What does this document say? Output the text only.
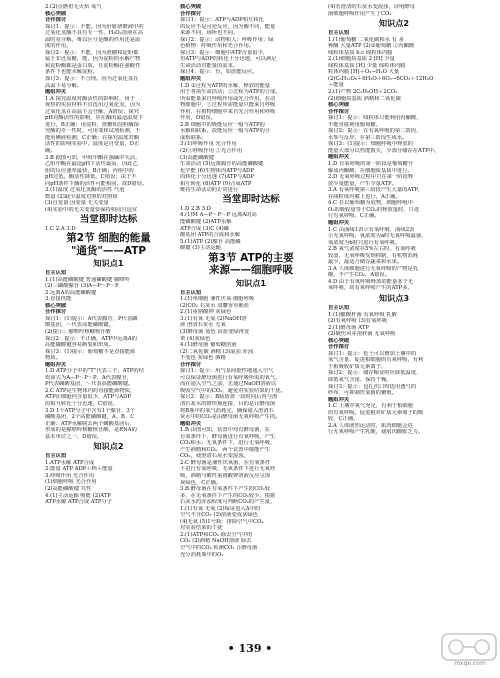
2.(2)点燃但无火焰 氧气

核心突破

合作探讨

探讨1：提示：不能。因为肝脏研磨液中的

过氧化氢酶不具有专一性，H₂O₂溶液在高

温时易分解，难以区分是酶的作用还是温

度的作用。

探讨2：提示：不能，因为蔗糖和淀粉都

属于非还原糖，能，因为淀粉的水解产物

和淀粉酶都是蛋白质，且淀粉酶在强酸性

条件下也能水解淀粉。

探讨3：提示：不合理。因为过氧化氢在

高温下易分解。

题组冲关

1.A 探究温度对酶活性的影响时，用于

观察的实验材料不宜选用过氧化氢，因为

过氧化氢在高温下会分解，A错误；探究

pH对酶活性的影响，应在酶的最适温度下

进行，B正确；用淀粉、蔗糖和淀粉酶探

究酶的专一性时，可用斐林试剂检测，不

能用碘液检测，C正确；在探究温度对酶

活性的影响实验中，温度是自变量，D正

确。

2.B 据图可知，甲组中酶在强碱中失活，

乙组中酶在最适pH下活性最高，因此乙

组的反应速率最快，B正确；丙组中的

pH过低，酶活性降低，C错误；由于不

同pH条件下酶的活性可能相同，故D错误。

3.(1)温度 过氧化氢酶的活性 气泡

数量 (2)缺少温度对照的对照组

(3)自变量 因变量 无关变量

(4)实验中的无关变量要保持相同且适宜

当堂即时达标

1.C 2.A 3.D

第2节 细胞的能量

"通货"——ATP

知识点1

自主认知

1.(1)高能磷酸键 普通磷酸键 腺嘌呤

(2)三磷酸腺苷 (3)A—P～P～P

2.远离A的高能磷酸键

3.直接供能

核心突破

合作探讨

探讨1：(1)提示：A代表腺苷，P代表磷

酸基团，～代表高能磷酸键。

(2)提示：腺嘌呤核糖核苷酸

探讨2：提示：不正确，ATP中远离A的

高能磷酸键容易断裂和形成。

探讨3：(1)提示：葡萄糖不是直接能源

物质。

题组冲关

1.D ATP分子中的"T"代表三个，ATP的结

构简式为A—P～P～P，A代表腺苷，

P代表磷酸基团，～代表高能磷酸键。

2.C ATP是生物体内的直接能源物质，

ATP在细胞内含量很少，ATP与ADP

的相互转化十分迅速，C错误。

3.D 1个ATP分子中含有1个腺苷、3个

磷酸基团，2个高能磷酸键，A、B、C

正确；ATP水解脱去两个磷酸基团后，

形成的是腺嘌呤核糖核苷酸，是RNA的

基本单位之一，D错误。

知识点2

自主认知

1.ATP水解 ATP合成

2.能量 ATP ADP＋Pi＋能量

3.呼吸作用 光合作用

(1)细胞呼吸 光合作用

(2)高能磷酸键 共性

4.(1)主动运输 吸能 (2)ATP

ATP水解 ATP合成 ATP分子

核心突破

合作探讨

探讨1：提示：ATP与ADP相互转化

的反应不是可逆反应，因为酶不同，能量

来源不同，场所也不同。

探讨2：提示：动物和人：呼吸作用；绿

色植物：呼吸作用和光合作用。

探讨3：提示：细胞中ATP含量很少，

但ATP与ADP的转化十分迅速，可以满足

生命活动对能量的需求。

探讨4：提示：有，如放能反应。

题组冲关

1.D ①过程为ATP的水解，释放的能量

用于各项生命活动；②过程为ATP的合成，

所需能量来自呼吸作用或光合作用，在动

物细胞中，②过程所需能量只能来自呼吸

作用，在植物细胞中来自光合作用和呼吸

作用，D错误。

2.B 细胞中的吸能反应一般与ATP的

水解相联系，放能反应一般与ATP的合

成相联系。

3.(1)呼吸作用 光合作用

(2)①呼吸作用 ②光合作用

(3)高能磷酸键

生命活动 (5)远离腺苷的高能磷酸键

化学能 (6)生物体内ATP与ADP

的转化十分迅速 (7)ATP与ADP

相互转化 (8)ATP (9)合成ATP

维持生命活动的正常进行

当堂即时达标

1.D 2.B 3.D

4.(1)M A—P～P～P 远离A的高

能磷酸键 (2)ATP水解

ATP合成 (3)C (4)磷

酸基团 ATP的合成和水解

5.(1)ATP (2)腺苷 高能磷

酸键 (3)主动运输

第3节 ATP的主要

来源——细胞呼吸

知识点1

自主认知

1.(1)单细胞 兼性厌氧 细胞呼吸

(2)CO₂ 石灰水 溴麝香草酚蓝

2.(1)重铬酸钾 灰绿色

3.(1)有氧 无氧 (2)NaOH溶

液 澄清石灰水 无氧

(3)酵母菌 蓝色 由蓝变绿再变

黄 (4)灰绿色

4.(1)酵母菌 葡萄糖溶液

(2)二氧化碳 酒精 (3)混浊 浑浊

不变色 灰绿色 酒精

合作探讨

探讨1：提示：用气泵间歇性地通入空气

可以保证酵母菌进行有氧呼吸所需的氧气，

而在通入空气之前，先通过NaOH溶液以

吸收空气中的CO₂，避免对实验结果的干扰。

探讨2：提示：B瓶放置一段时间后再与澄

清石灰水的锥形瓶连接，目的是让酵母菌

将B瓶中的氧气消耗完，确保通入澄清石

灰水中的CO₂是由酵母菌无氧呼吸产生的。

题组冲关

1.B 由图可知，装置中均有酵母菌，在

有氧条件下，酵母菌进行有氧呼吸，产生

CO₂和水；无氧条件下，进行无氧呼吸，

产生酒精和CO₂，两个装置中都能产生

CO₂，使澄清石灰水变混浊。

2.C 酵母菌是兼性厌氧菌，在有氧条件

下进行有氧呼吸，无氧条件下进行无氧呼

吸，酒精与酸性重铬酸钾溶液反应呈现

灰绿色，C正确。

3.B 酵母菌在有氧条件下产生的CO₂较

多，在无氧条件下产生的CO₂较少，根据

石灰水的浑浊程度可判断CO₂的产生量。

1.(1)有氧 无氧 (2)保证进入A中的

空气不含CO₂ (3)溶液变成灰绿色

(4)无氧 (5)1号瓶：排除空气中CO₂

对实验结果的干扰

2.(1)ATP和CO₂ 除去空气中的

CO₂ (2)酒精 NaOH溶液 除去

空气中的CO₂ 检测CO₂ 让酵母菌

充分消耗瓶中的O₂

(4)若澄清的石灰水变混浊，证明酵母

菌细胞呼吸作用产生了CO₂

知识点2

自主认知

1.(1)葡萄糖 二氧化碳和水 有 多

种酶 大量ATP (2)①葡萄糖 ②丙酮酸

线粒体基质 b.c 线粒体内膜

2.(1)细胞质基质 2 [H] 少量

线粒体基质 [H] 少量 线粒体内膜

粒体内膜 [H]＋O₂→H₂O 大量

(2)C₆H₁₂O₆＋6H₂O＋6O₂→6CO₂＋12H₂O

＋能量

2.(1)产物 2C₂H₅OH＋2CO₂

(2)细胞质基质 酒精和二氧化碳

核心突破

合作探讨

探讨1：提示：线粒体只能利用丙酮酸，

不能直接利用葡萄糖。

探讨2：提示：在有氧呼吸的第二阶段，

水参与反应，在第三阶段生成水。

探讨3：(1)提示：细胞呼吸中释放的

能量大部分以热能散失，少部分储存在ATP中。

题组冲关

1.D 有氧呼吸的第一阶段是葡萄糖分

解成丙酮酸，在细胞质基质中进行。

2.D 无氧呼吸过程中只在第一阶段释

放少量能量，产生少量ATP。

3.A 有氧呼吸第三阶段产生大量的ATP，

在线粒体内膜上进行，A正确。

4.C 若以葡萄糖为底物，细胞呼吸中

O₂的吸收量等于CO₂的释放量时，只进

行有氧呼吸，C正确。

题组冲关

1.C 由曲线1表示有氧呼吸，曲线2表

示无氧呼吸，氧浓度为a时无氧呼吸最强，

氧浓度为b时只进行有氧呼吸。

2.B 氧气浓度在5%左右时，有氧呼吸

较弱，无氧呼吸受到抑制，有机物消耗

最少，最适合储存蔬菜和水果。

3.A 人体细胞进行无氧呼吸的产物是乳

酸，不产生CO₂，A错误。

4.D 由于有氧呼吸释放的能量多于无

氧呼吸，故有氧呼吸产生的ATP多。

知识点3

自主认知

1.(1)醋酸杆菌 有氧呼吸 乳酸

(2)有氧呼吸 (3)有氧呼吸

2.(1)酵母菌 ATP

(2)破伤风芽孢杆菌 无氧呼吸

核心突破

合作探讨

探讨1：提示：松土可以增加土壤中的

氧气含量，促进根细胞的有氧呼吸，有利

于根吸收矿质元素离子。

探讨2：提示：储存粮食时应降低温度、

降低氧气含量、保持干燥。

探讨3：提示：包扎伤口时选用透气的

纱布，可抑制厌氧菌的繁殖。

题组冲关

1.C 土壤中氧气充足，有利于根细胞

的有氧呼吸，促进根对矿质元素离子的吸

收，C正确。

2.A 人体剧烈运动时，肌肉细胞会进

行无氧呼吸产生乳酸，使肌肉酸胀乏力。

• 139 •
mxqe.com
